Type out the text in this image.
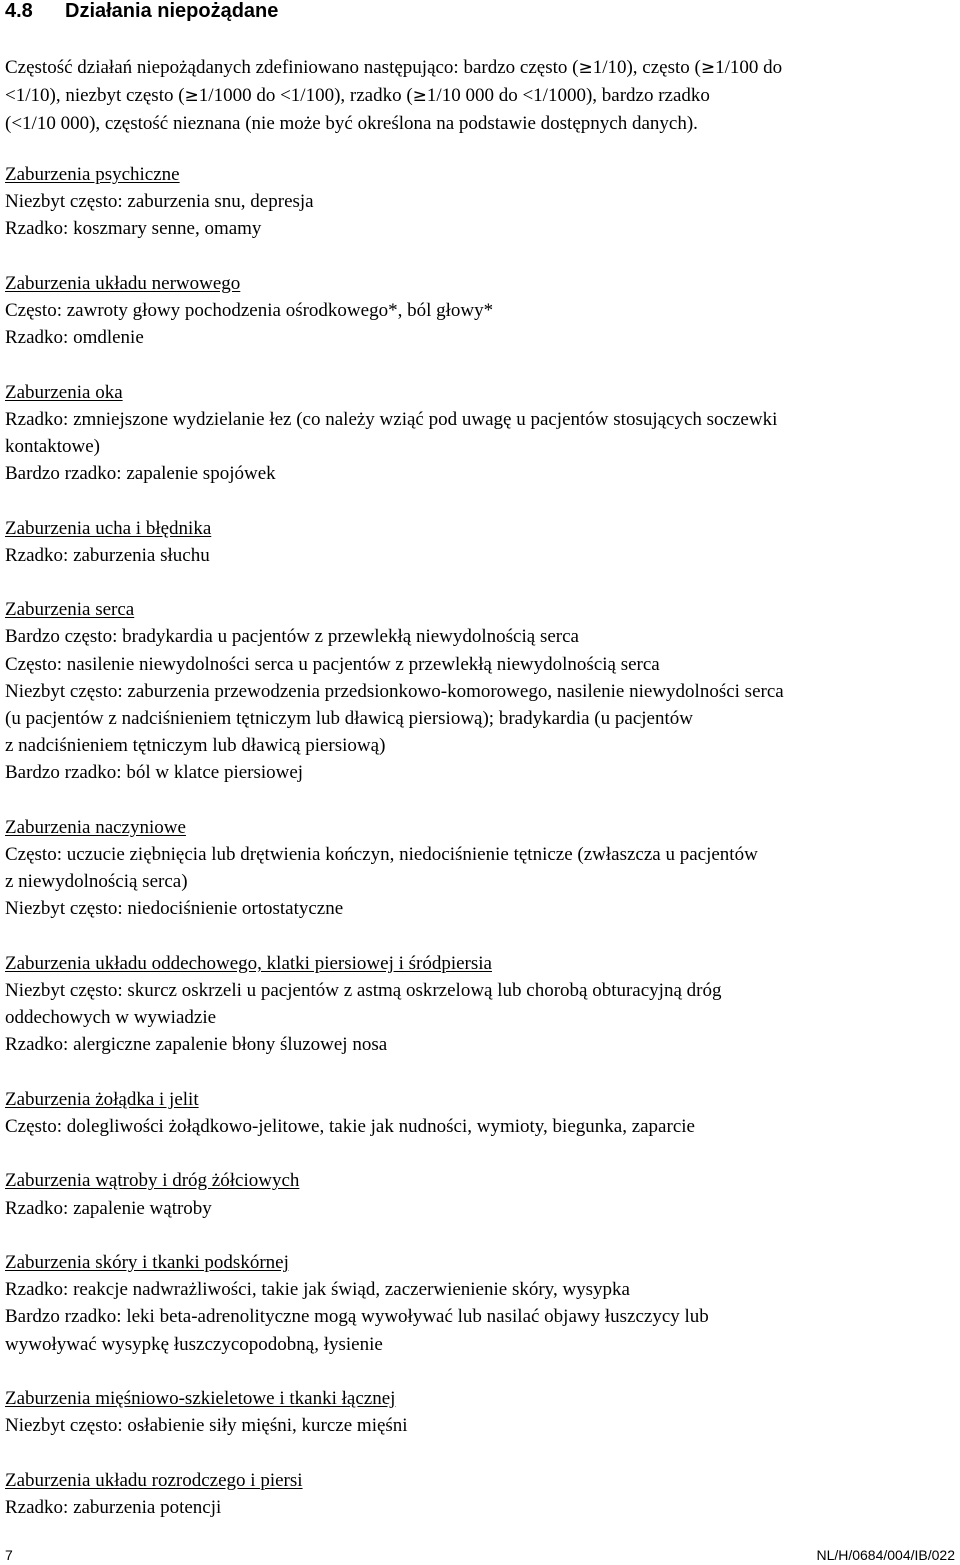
4.8 Działania niepożądane
Częstość działań niepożądanych zdefiniowano następująco: bardzo często (≥1/10), często (≥1/100 do
<1/10), niezbyt często (≥1/1000 do <1/100), rzadko (≥1/10 000 do <1/1000), bardzo rzadko
(<1/10 000), częstość nieznana (nie może być określona na podstawie dostępnych danych).
Zaburzenia psychiczne
Niezbyt często: zaburzenia snu, depresja
Rzadko: koszmary senne, omamy
Zaburzenia układu nerwowego
Często: zawroty głowy pochodzenia ośrodkowego*, ból głowy*
Rzadko: omdlenie
Zaburzenia oka
Rzadko: zmniejszone wydzielanie łez (co należy wziąć pod uwagę u pacjentów stosujących soczewki
kontaktowe)
Bardzo rzadko: zapalenie spojówek
Zaburzenia ucha i błędnika
Rzadko: zaburzenia słuchu
Zaburzenia serca
Bardzo często: bradykardia u pacjentów z przewlekłą niewydolnością serca
Często: nasilenie niewydolności serca u pacjentów z przewlekłą niewydolnością serca
Niezbyt często: zaburzenia przewodzenia przedsionkowo-komorowego, nasilenie niewydolności serca
(u pacjentów z nadciśnieniem tętniczym lub dławicą piersiową); bradykardia (u pacjentów
z nadciśnieniem tętniczym lub dławicą piersiową)
Bardzo rzadko: ból w klatce piersiowej
Zaburzenia naczyniowe
Często: uczucie ziębnięcia lub drętwienia kończyn, niedociśnienie tętnicze (zwłaszcza u pacjentów
z niewydolnością serca)
Niezbyt często: niedociśnienie ortostatyczne
Zaburzenia układu oddechowego, klatki piersiowej i śródpiersia
Niezbyt często: skurcz oskrzeli u pacjentów z astmą oskrzelową lub chorobą obturacyjną dróg
oddechowych w wywiadzie
Rzadko: alergiczne zapalenie błony śluzowej nosa
Zaburzenia żołądka i jelit
Często: dolegliwości żołądkowo-jelitowe, takie jak nudności, wymioty, biegunka, zaparcie
Zaburzenia wątroby i dróg żółciowych
Rzadko: zapalenie wątroby
Zaburzenia skóry i tkanki podskórnej
Rzadko: reakcje nadwrażliwości, takie jak świąd, zaczerwienienie skóry, wysypka
Bardzo rzadko: leki beta-adrenolityczne mogą wywoływać lub nasilać objawy łuszczycy lub
wywoływać wysypkę łuszczycopodobną, łysienie
Zaburzenia mięśniowo-szkieletowe i tkanki łącznej
Niezbyt często: osłabienie siły mięśni, kurcze mięśni
Zaburzenia układu rozrodczego i piersi
Rzadko: zaburzenia potencji
7	NL/H/0684/004/IB/022
